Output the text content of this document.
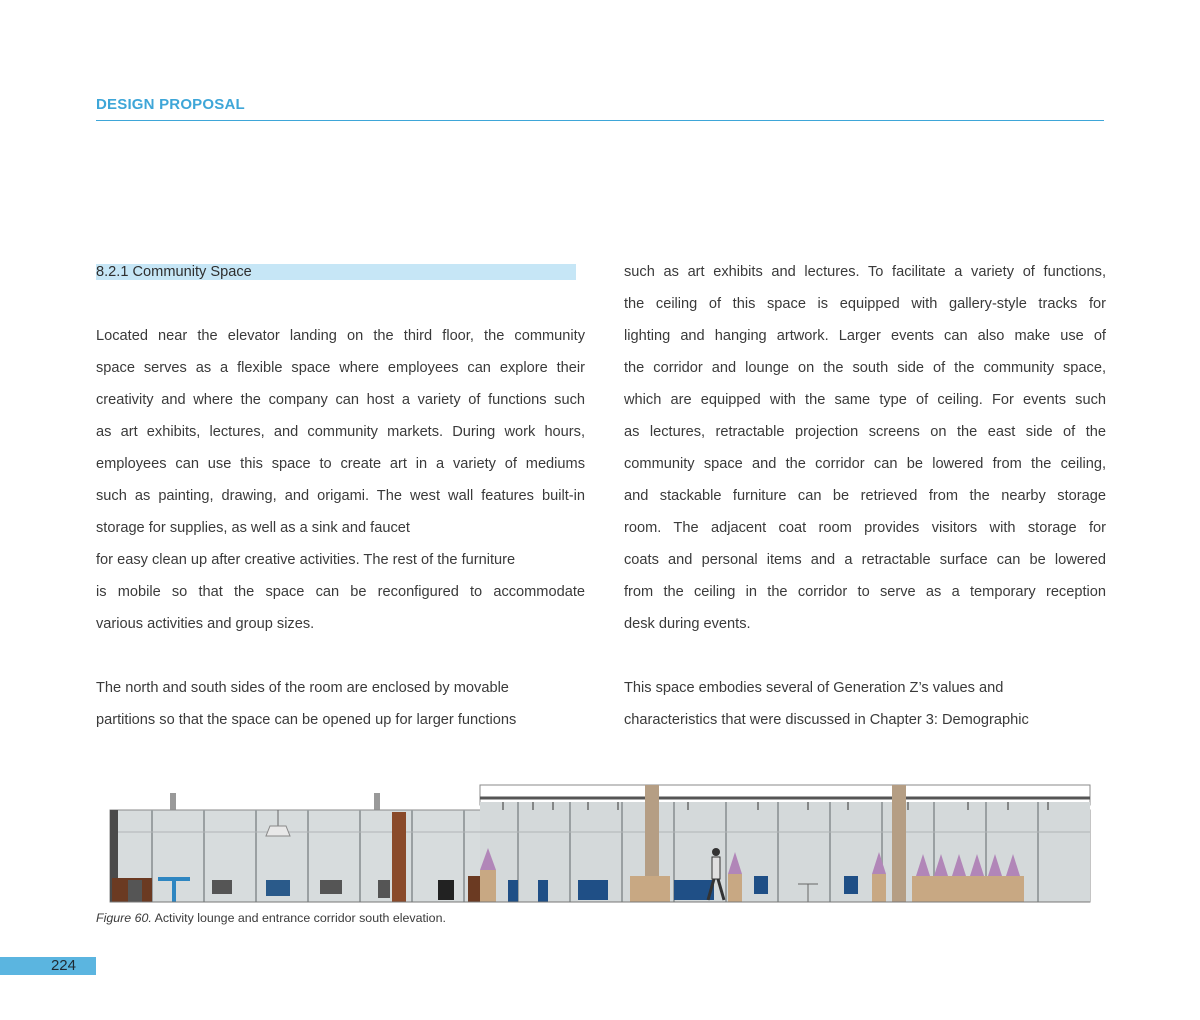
DESIGN PROPOSAL
8.2.1 Community Space
Located near the elevator landing on the third floor, the community
space serves as a flexible space where employees can explore their
creativity and where the company can host a variety of functions such
as art exhibits, lectures, and community markets. During work hours,
employees can use this space to create art in a variety of mediums
such as painting, drawing, and origami. The west wall features built-in
storage for supplies, as well as a sink and faucet
for easy clean up after creative activities. The rest of the furniture
is mobile so that the space can be reconfigured to accommodate
various activities and group sizes.
The north and south sides of the room are enclosed by movable
partitions so that the space can be opened up for larger functions
such as art exhibits and lectures. To facilitate a variety of functions,
the ceiling of this space is equipped with gallery-style tracks for
lighting and hanging artwork. Larger events can also make use of
the corridor and lounge on the south side of the community space,
which are equipped with the same type of ceiling. For events such
as lectures, retractable projection screens on the east side of the
community space and the corridor can be lowered from the ceiling,
and stackable furniture can be retrieved from the nearby storage
room. The adjacent coat room provides visitors with storage for
coats and personal items and a retractable surface can be lowered
from the ceiling in the corridor to serve as a temporary reception
desk during events.
This space embodies several of Generation Z’s values and
characteristics that were discussed in Chapter 3: Demographic
Figure 60. Activity lounge and entrance corridor south elevation.
224
